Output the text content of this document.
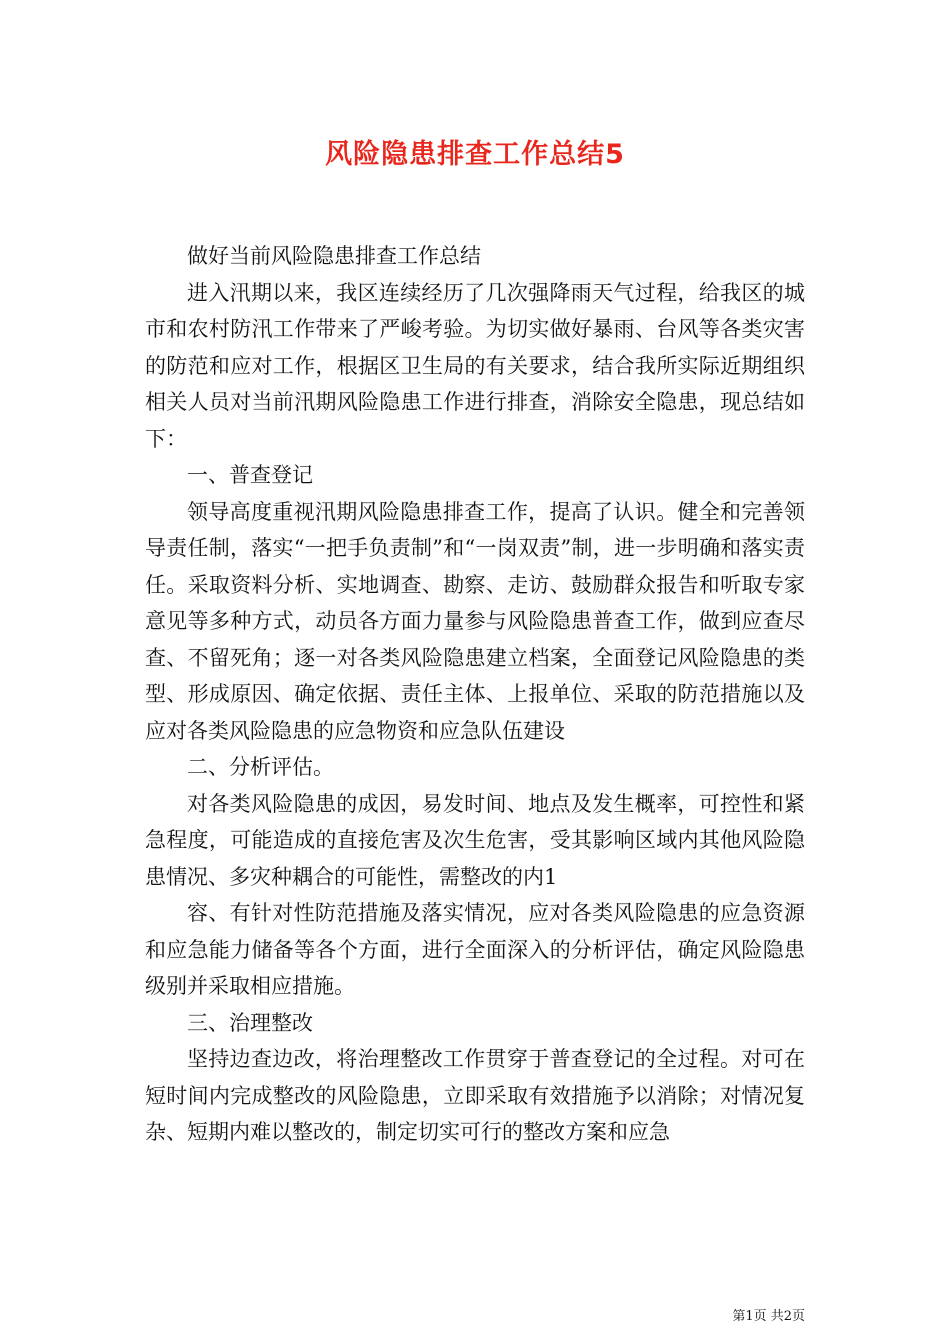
风险隐患排查工作总结5

做好当前风险隐患排查工作总结

进入汛期以来，我区连续经历了几次强降雨天气过程，给我区的城市和农村防汛工作带来了严峻考验。为切实做好暴雨、台风等各类灾害的防范和应对工作，根据区卫生局的有关要求，结合我所实际近期组织相关人员对当前汛期风险隐患工作进行排查，消除安全隐患，现总结如下：

一、普查登记

领导高度重视汛期风险隐患排查工作，提高了认识。健全和完善领导责任制，落实“一把手负责制”和“一岗双责”制，进一步明确和落实责任。采取资料分析、实地调查、勘察、走访、鼓励群众报告和听取专家意见等多种方式，动员各方面力量参与风险隐患普查工作，做到应查尽查、不留死角；逐一对各类风险隐患建立档案，全面登记风险隐患的类型、形成原因、确定依据、责任主体、上报单位、采取的防范措施以及应对各类风险隐患的应急物资和应急队伍建设

二、分析评估。

对各类风险隐患的成因，易发时间、地点及发生概率，可控性和紧急程度，可能造成的直接危害及次生危害，受其影响区域内其他风险隐患情况、多灾种耦合的可能性，需整改的内1

容、有针对性防范措施及落实情况，应对各类风险隐患的应急资源和应急能力储备等各个方面，进行全面深入的分析评估，确定风险隐患级别并采取相应措施。

三、治理整改

坚持边查边改，将治理整改工作贯穿于普查登记的全过程。对可在短时间内完成整改的风险隐患，立即采取有效措施予以消除；对情况复杂、短期内难以整改的，制定切实可行的整改方案和应急

第1页 共2页
